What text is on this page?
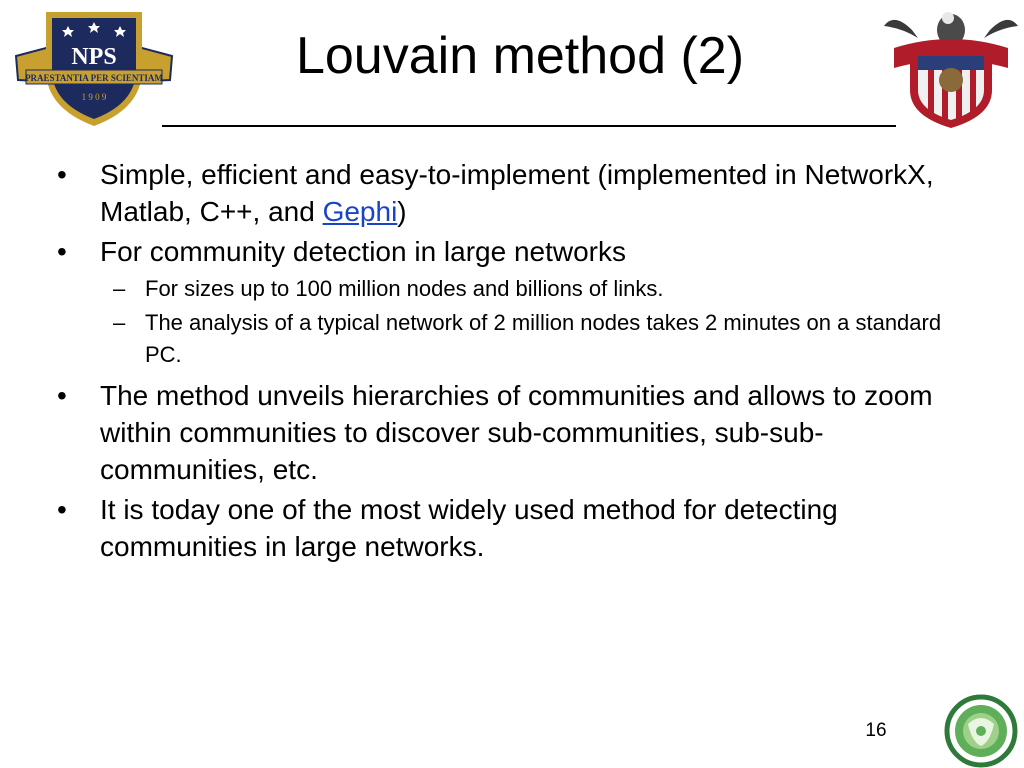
NPS
PRAESTANTIA PER SCIENTIAM
1 9 0 9
Louvain method (2)
• Simple, efficient and easy-to-implement (implemented in NetworkX, Matlab, C++, and Gephi)
• For community detection in large networks
– For sizes up to 100 million nodes and billions of links.
– The analysis of a typical network of 2 million nodes takes 2 minutes on a standard PC.
• The method unveils hierarchies of communities and allows to zoom within communities to discover sub-communities, sub-sub-communities, etc.
• It is today one of the most widely used method for detecting communities in large networks.
16
